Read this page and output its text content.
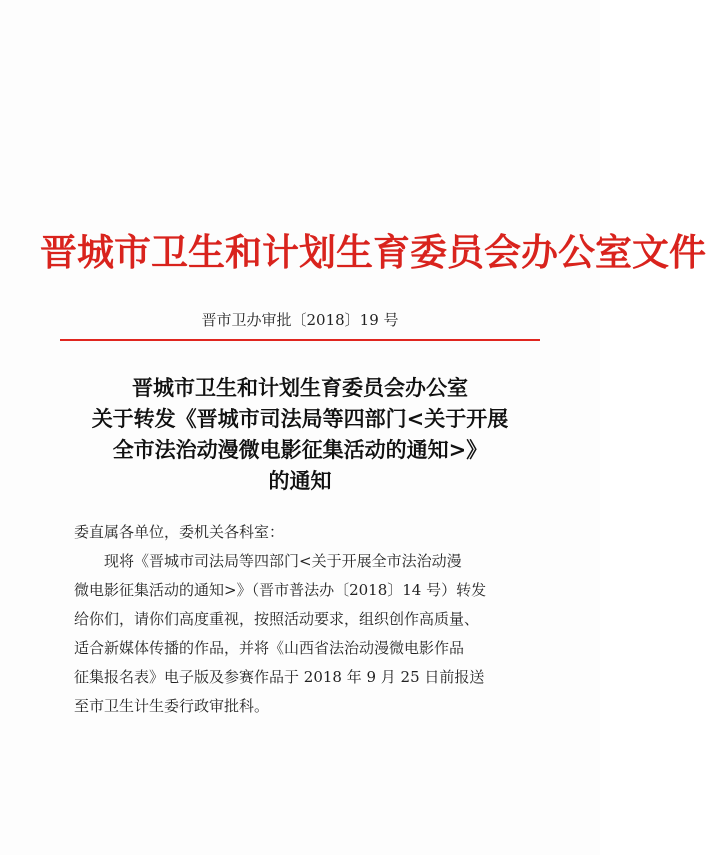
晋城市卫生和计划生育委员会办公室文件
晋市卫办审批〔2018〕19 号
晋城市卫生和计划生育委员会办公室
关于转发《晋城市司法局等四部门<关于开展
全市法治动漫微电影征集活动的通知>》
的通知
委直属各单位，委机关各科室：
现将《晋城市司法局等四部门<关于开展全市法治动漫
微电影征集活动的通知>》（晋市普法办〔2018〕14 号）转发
给你们，请你们高度重视，按照活动要求，组织创作高质量、
适合新媒体传播的作品，并将《山西省法治动漫微电影作品
征集报名表》电子版及参赛作品于 2018 年 9 月 25 日前报送
至市卫生计生委行政审批科。
